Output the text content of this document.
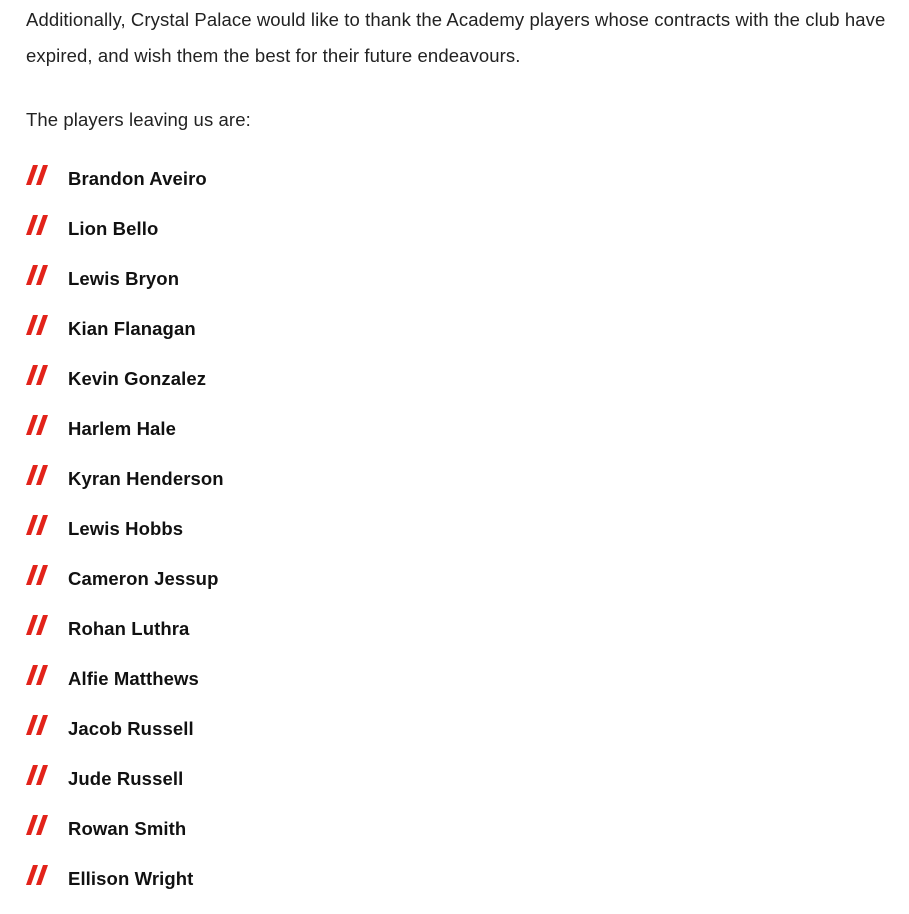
Additionally, Crystal Palace would like to thank the Academy players whose contracts with the club have expired, and wish them the best for their future endeavours.

The players leaving us are:

Brandon Aveiro
Lion Bello
Lewis Bryon
Kian Flanagan
Kevin Gonzalez
Harlem Hale
Kyran Henderson
Lewis Hobbs
Cameron Jessup
Rohan Luthra
Alfie Matthews
Jacob Russell
Jude Russell
Rowan Smith
Ellison Wright
